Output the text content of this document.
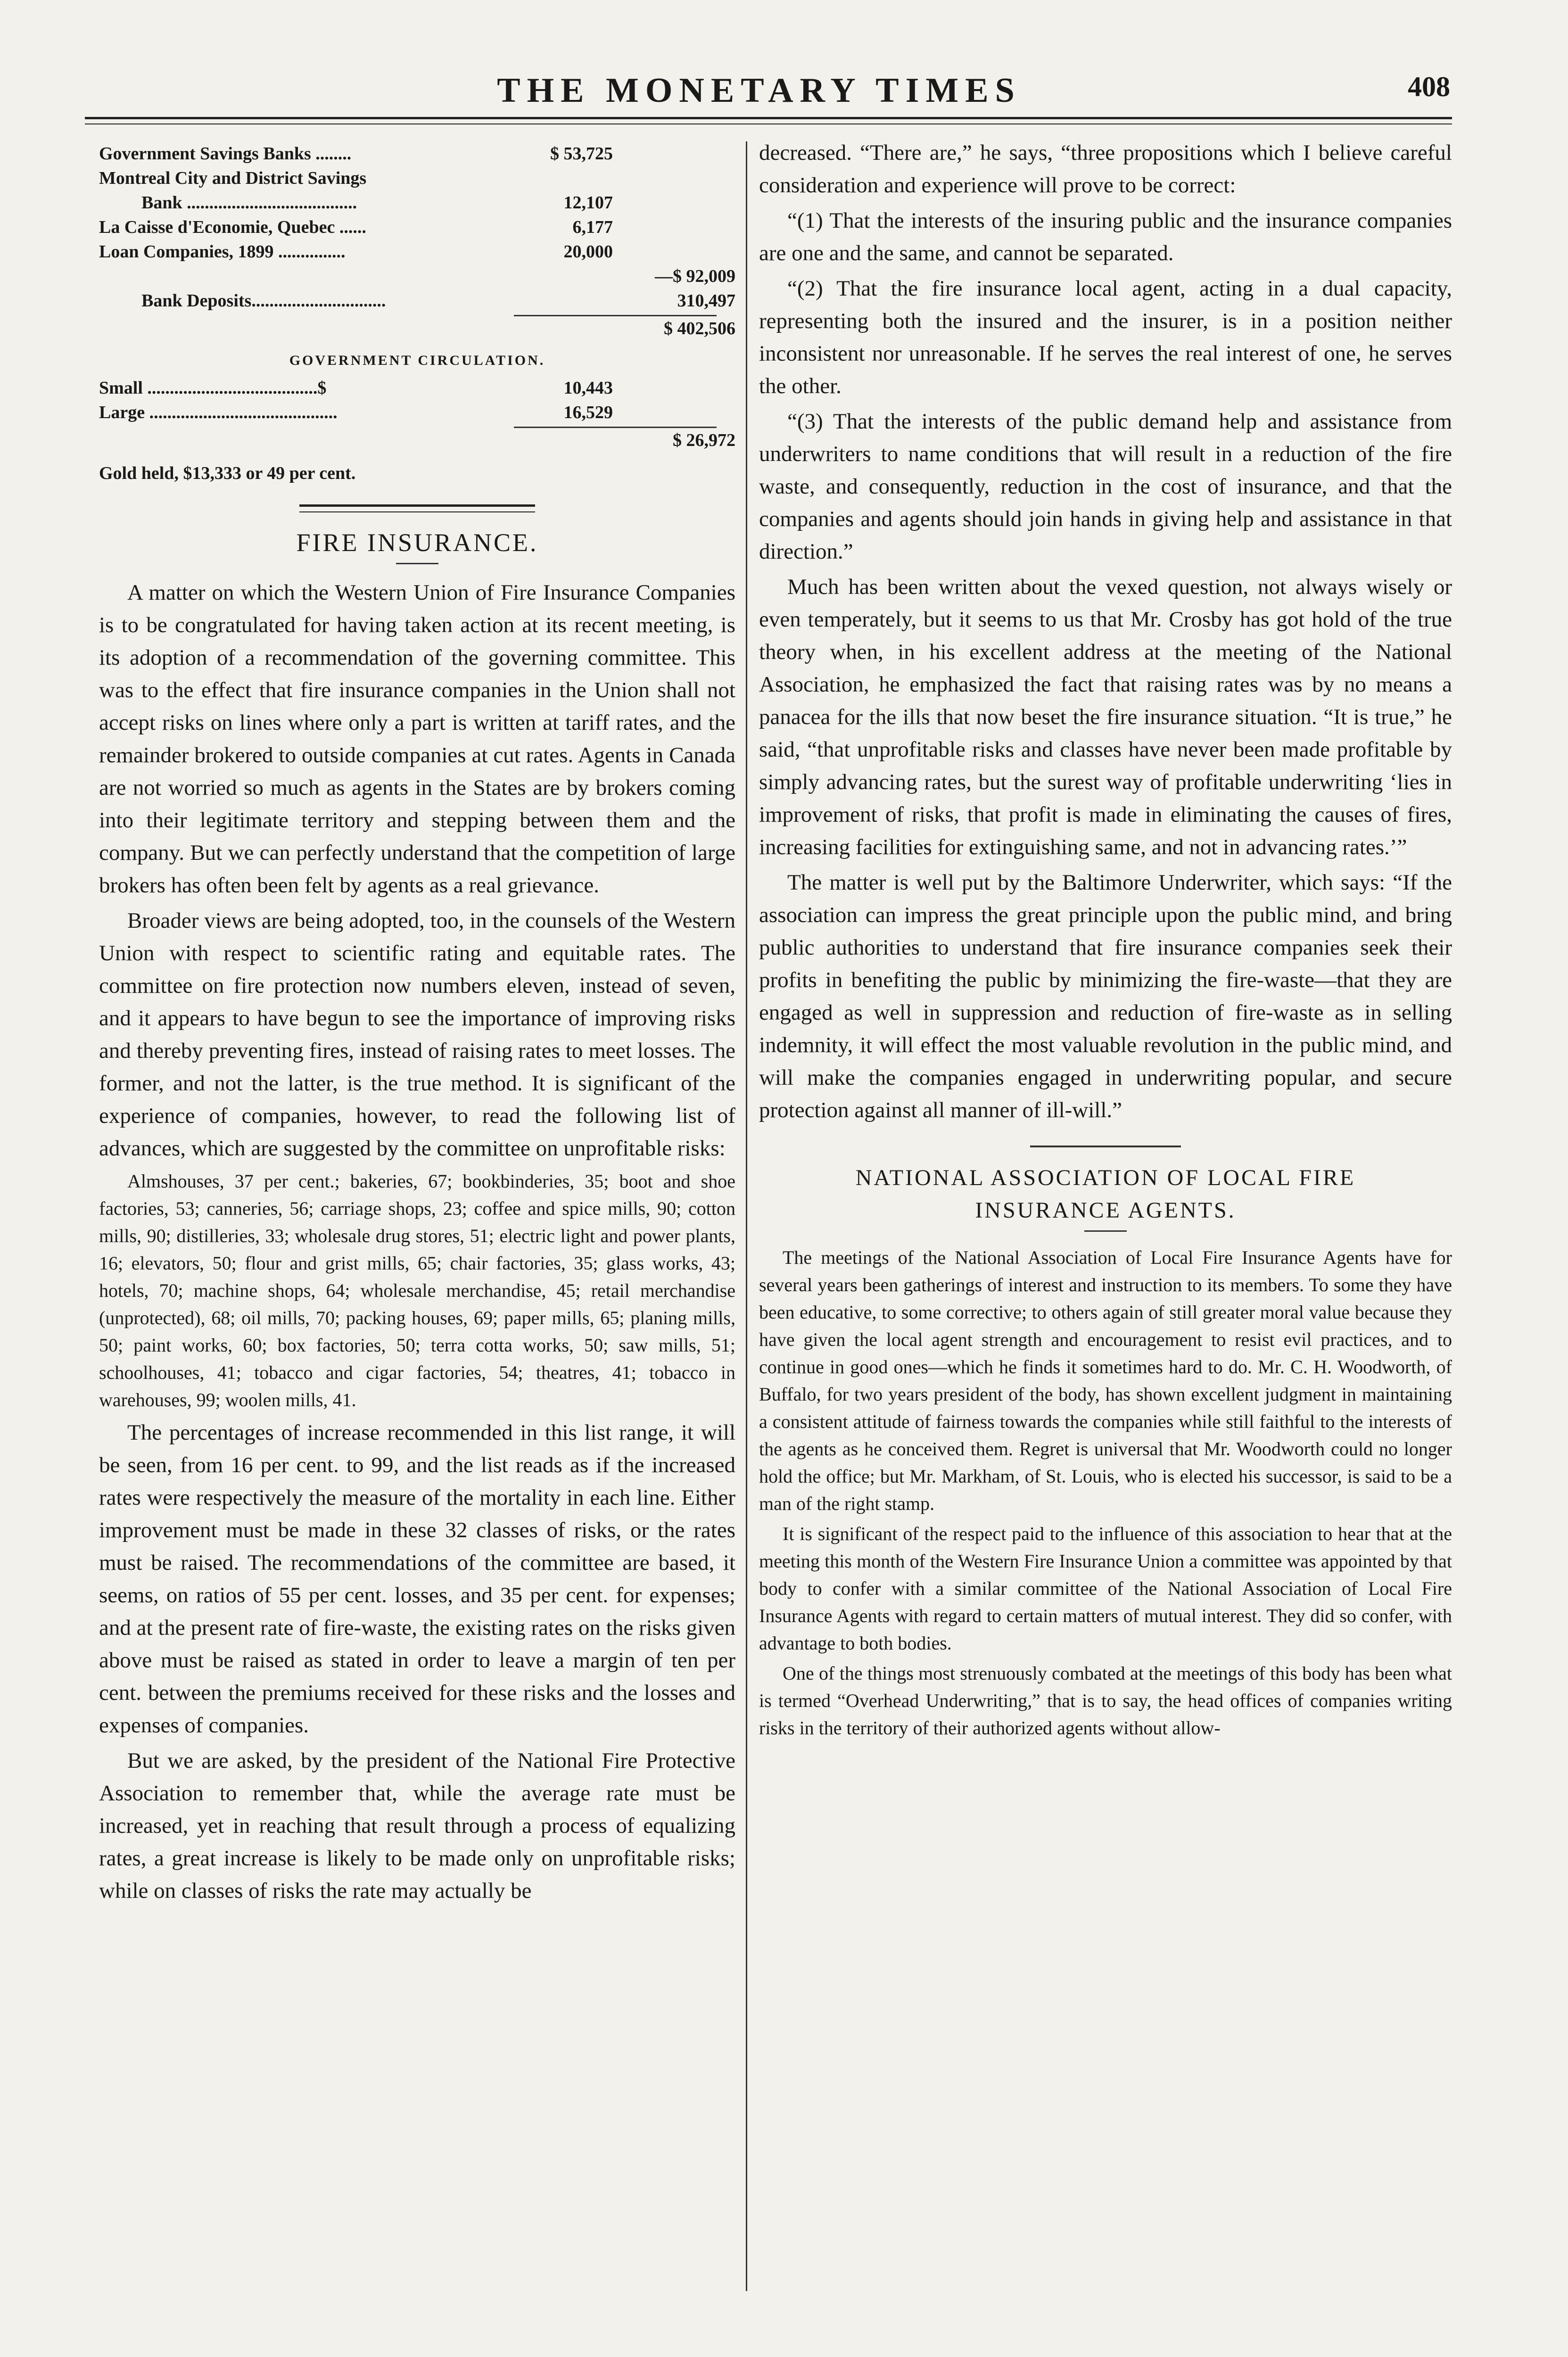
THE MONETARY TIMES	408
Government Savings Banks ........	$ 53,725
Montreal City and District Savings
Bank ......................................	12,107
La Caisse d'Economie, Quebec ......	6,177
Loan Companies, 1899 ...............	20,000
—$ 92,009
Bank Deposits..............................	310,497
$ 402,506
GOVERNMENT CIRCULATION.
Small ......................................$	10,443
Large ..........................................	16,529
$ 26,972
Gold held, $13,333 or 49 per cent.
FIRE INSURANCE.

A matter on which the Western Union of Fire Insurance Companies is to be congratulated for having taken action at its recent meeting, is its adoption of a recommendation of the governing committee. This was to the effect that fire insurance companies in the Union shall not accept risks on lines where only a part is written at tariff rates, and the remainder brokered to outside companies at cut rates. Agents in Canada are not worried so much as agents in the States are by brokers coming into their legitimate territory and stepping between them and the company. But we can perfectly understand that the competition of large brokers has often been felt by agents as a real grievance.

Broader views are being adopted, too, in the counsels of the Western Union with respect to scientific rating and equitable rates. The committee on fire protection now numbers eleven, instead of seven, and it appears to have begun to see the importance of improving risks and thereby preventing fires, instead of raising rates to meet losses. The former, and not the latter, is the true method. It is significant of the experience of companies, however, to read the following list of advances, which are suggested by the committee on unprofitable risks:

Almshouses, 37 per cent.; bakeries, 67; bookbinderies, 35; boot and shoe factories, 53; canneries, 56; carriage shops, 23; coffee and spice mills, 90; cotton mills, 90; distilleries, 33; wholesale drug stores, 51; electric light and power plants, 16; elevators, 50; flour and grist mills, 65; chair factories, 35; glass works, 43; hotels, 70; machine shops, 64; wholesale merchandise, 45; retail merchandise (unprotected), 68; oil mills, 70; packing houses, 69; paper mills, 65; planing mills, 50; paint works, 60; box factories, 50; terra cotta works, 50; saw mills, 51; schoolhouses, 41; tobacco and cigar factories, 54; theatres, 41; tobacco in warehouses, 99; woolen mills, 41.

The percentages of increase recommended in this list range, it will be seen, from 16 per cent. to 99, and the list reads as if the increased rates were respectively the measure of the mortality in each line. Either improvement must be made in these 32 classes of risks, or the rates must be raised. The recommendations of the committee are based, it seems, on ratios of 55 per cent. losses, and 35 per cent. for expenses; and at the present rate of fire-waste, the existing rates on the risks given above must be raised as stated in order to leave a margin of ten per cent. between the premiums received for these risks and the losses and expenses of companies.

But we are asked, by the president of the National Fire Protective Association to remember that, while the average rate must be increased, yet in reaching that result through a process of equalizing rates, a great increase is likely to be made only on unprofitable risks; while on classes of risks the rate may actually be

decreased. “There are,” he says, “three propositions which I believe careful consideration and experience will prove to be correct:

“(1) That the interests of the insuring public and the insurance companies are one and the same, and cannot be separated.

“(2) That the fire insurance local agent, acting in a dual capacity, representing both the insured and the insurer, is in a position neither inconsistent nor unreasonable. If he serves the real interest of one, he serves the other.

“(3) That the interests of the public demand help and assistance from underwriters to name conditions that will result in a reduction of the fire waste, and consequently, reduction in the cost of insurance, and that the companies and agents should join hands in giving help and assistance in that direction.”

Much has been written about the vexed question, not always wisely or even temperately, but it seems to us that Mr. Crosby has got hold of the true theory when, in his excellent address at the meeting of the National Association, he emphasized the fact that raising rates was by no means a panacea for the ills that now beset the fire insurance situation. “It is true,” he said, “that unprofitable risks and classes have never been made profitable by simply advancing rates, but the surest way of profitable underwriting ‘lies in improvement of risks, that profit is made in eliminating the causes of fires, increasing facilities for extinguishing same, and not in advancing rates.’”

The matter is well put by the Baltimore Underwriter, which says: “If the association can impress the great principle upon the public mind, and bring public authorities to understand that fire insurance companies seek their profits in benefiting the public by minimizing the fire-waste—that they are engaged as well in suppression and reduction of fire-waste as in selling indemnity, it will effect the most valuable revolution in the public mind, and will make the companies engaged in underwriting popular, and secure protection against all manner of ill-will.”

NATIONAL ASSOCIATION OF LOCAL FIRE
INSURANCE AGENTS.

The meetings of the National Association of Local Fire Insurance Agents have for several years been gatherings of interest and instruction to its members. To some they have been educative, to some corrective; to others again of still greater moral value because they have given the local agent strength and encouragement to resist evil practices, and to continue in good ones—which he finds it sometimes hard to do. Mr. C. H. Woodworth, of Buffalo, for two years president of the body, has shown excellent judgment in maintaining a consistent attitude of fairness towards the companies while still faithful to the interests of the agents as he conceived them. Regret is universal that Mr. Woodworth could no longer hold the office; but Mr. Markham, of St. Louis, who is elected his successor, is said to be a man of the right stamp.

It is significant of the respect paid to the influence of this association to hear that at the meeting this month of the Western Fire Insurance Union a committee was appointed by that body to confer with a similar committee of the National Association of Local Fire Insurance Agents with regard to certain matters of mutual interest. They did so confer, with advantage to both bodies.

One of the things most strenuously combated at the meetings of this body has been what is termed “Overhead Underwriting,” that is to say, the head offices of companies writing risks in the territory of their authorized agents without allow-
